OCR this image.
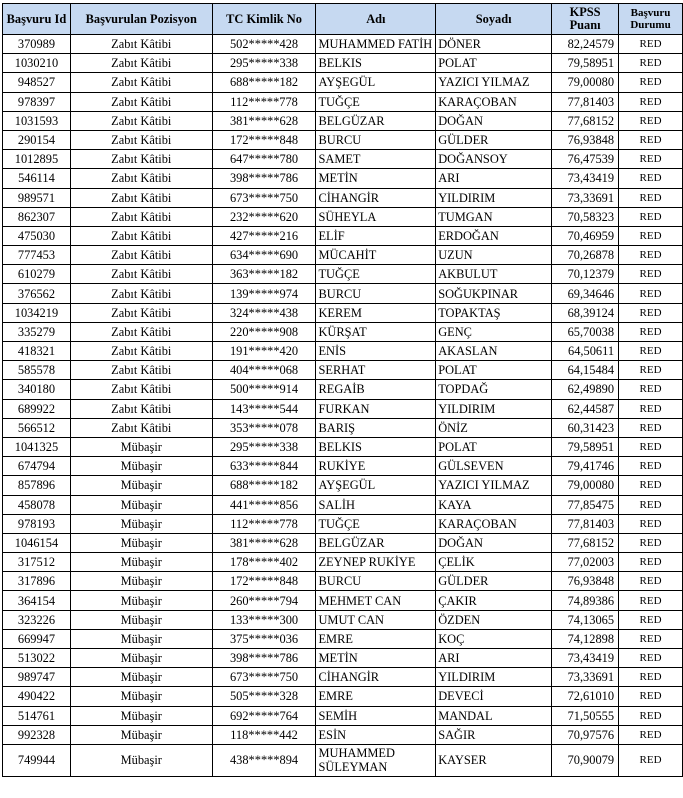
Başvuru Id	Başvurulan Pozisyon	TC Kimlik No	Adı	Soyadı	KPSS Puanı	Başvuru Durumu
370989	Zabıt Kâtibi	502*****428	MUHAMMED FATİH	DÖNER	82,24579	RED
1030210	Zabıt Kâtibi	295*****338	BELKIS	POLAT	79,58951	RED
948527	Zabıt Kâtibi	688*****182	AYŞEGÜL	YAZICI YILMAZ	79,00080	RED
978397	Zabıt Kâtibi	112*****778	TUĞÇE	KARAÇOBAN	77,81403	RED
1031593	Zabıt Kâtibi	381*****628	BELGÜZAR	DOĞAN	77,68152	RED
290154	Zabıt Kâtibi	172*****848	BURCU	GÜLDER	76,93848	RED
1012895	Zabıt Kâtibi	647*****780	SAMET	DOĞANSOY	76,47539	RED
546114	Zabıt Kâtibi	398*****786	METİN	ARI	73,43419	RED
989571	Zabıt Kâtibi	673*****750	CİHANGİR	YILDIRIM	73,33691	RED
862307	Zabıt Kâtibi	232*****620	SÜHEYLA	TUMGAN	70,58323	RED
475030	Zabıt Kâtibi	427*****216	ELİF	ERDOĞAN	70,46959	RED
777453	Zabıt Kâtibi	634*****690	MÜCAHİT	UZUN	70,26878	RED
610279	Zabıt Kâtibi	363*****182	TUĞÇE	AKBULUT	70,12379	RED
376562	Zabıt Kâtibi	139*****974	BURCU	SOĞUKPINAR	69,34646	RED
1034219	Zabıt Kâtibi	324*****438	KEREM	TOPAKTAŞ	68,39124	RED
335279	Zabıt Kâtibi	220*****908	KÜRŞAT	GENÇ	65,70038	RED
418321	Zabıt Kâtibi	191*****420	ENİS	AKASLAN	64,50611	RED
585578	Zabıt Kâtibi	404*****068	SERHAT	POLAT	64,15484	RED
340180	Zabıt Kâtibi	500*****914	REGAİB	TOPDAĞ	62,49890	RED
689922	Zabıt Kâtibi	143*****544	FURKAN	YILDIRIM	62,44587	RED
566512	Zabıt Kâtibi	353*****078	BARIŞ	ÖNİZ	60,31423	RED
1041325	Mübaşir	295*****338	BELKIS	POLAT	79,58951	RED
674794	Mübaşir	633*****844	RUKİYE	GÜLSEVEN	79,41746	RED
857896	Mübaşir	688*****182	AYŞEGÜL	YAZICI YILMAZ	79,00080	RED
458078	Mübaşir	441*****856	SALİH	KAYA	77,85475	RED
978193	Mübaşir	112*****778	TUĞÇE	KARAÇOBAN	77,81403	RED
1046154	Mübaşir	381*****628	BELGÜZAR	DOĞAN	77,68152	RED
317512	Mübaşir	178*****402	ZEYNEP RUKİYE	ÇELİK	77,02003	RED
317896	Mübaşir	172*****848	BURCU	GÜLDER	76,93848	RED
364154	Mübaşir	260*****794	MEHMET CAN	ÇAKIR	74,89386	RED
323226	Mübaşir	133*****300	UMUT CAN	ÖZDEN	74,13065	RED
669947	Mübaşir	375*****036	EMRE	KOÇ	74,12898	RED
513022	Mübaşir	398*****786	METİN	ARI	73,43419	RED
989747	Mübaşir	673*****750	CİHANGİR	YILDIRIM	73,33691	RED
490422	Mübaşir	505*****328	EMRE	DEVECİ	72,61010	RED
514761	Mübaşir	692*****764	SEMİH	MANDAL	71,50555	RED
992328	Mübaşir	118*****442	ESİN	SAĞIR	70,97576	RED
749944	Mübaşir	438*****894	MUHAMMED SÜLEYMAN	KAYSER	70,90079	RED
